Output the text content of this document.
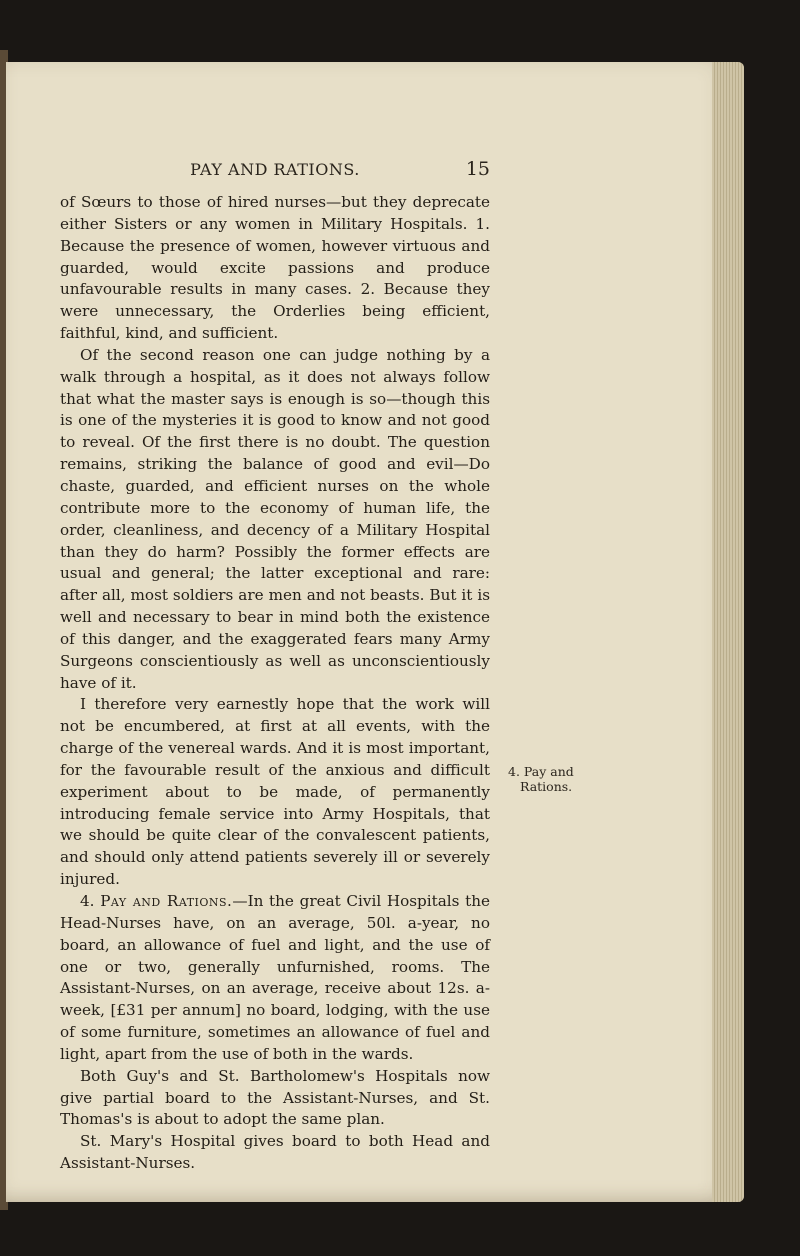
PAY AND RATIONS.	15

of Sœurs to those of hired nurses—but they deprecate either Sisters or any women in Military Hospitals. 1. Because the presence of women, however virtuous and guarded, would excite passions and produce unfavourable results in many cases. 2. Because they were unnecessary, the Orderlies being efficient, faithful, kind, and sufficient.

Of the second reason one can judge nothing by a walk through a hospital, as it does not always follow that what the master says is enough is so—though this is one of the mysteries it is good to know and not good to reveal. Of the first there is no doubt. The question remains, striking the balance of good and evil—Do chaste, guarded, and efficient nurses on the whole contribute more to the economy of human life, the order, cleanliness, and decency of a Military Hospital than they do harm? Possibly the former effects are usual and general; the latter exceptional and rare: after all, most soldiers are men and not beasts. But it is well and necessary to bear in mind both the existence of this danger, and the exaggerated fears many Army Surgeons conscientiously as well as unconscientiously have of it.

I therefore very earnestly hope that the work will not be encumbered, at first at all events, with the charge of the venereal wards. And it is most important, for the favourable result of the anxious and difficult experiment about to be made, of permanently introducing female service into Army Hospitals, that we should be quite clear of the convalescent patients, and should only attend patients severely ill or severely injured.

4. Pay and Rations.—In the great Civil Hospitals the Head-Nurses have, on an average, 50l. a-year, no board, an allowance of fuel and light, and the use of one or two, generally unfurnished, rooms. The Assistant-Nurses, on an average, receive about 12s. a-week, [£31 per annum] no board, lodging, with the use of some furniture, sometimes an allowance of fuel and light, apart from the use of both in the wards.

Both Guy's and St. Bartholomew's Hospitals now give partial board to the Assistant-Nurses, and St. Thomas's is about to adopt the same plan.

St. Mary's Hospital gives board to both Head and Assistant-Nurses.

4. Pay and
Rations.
